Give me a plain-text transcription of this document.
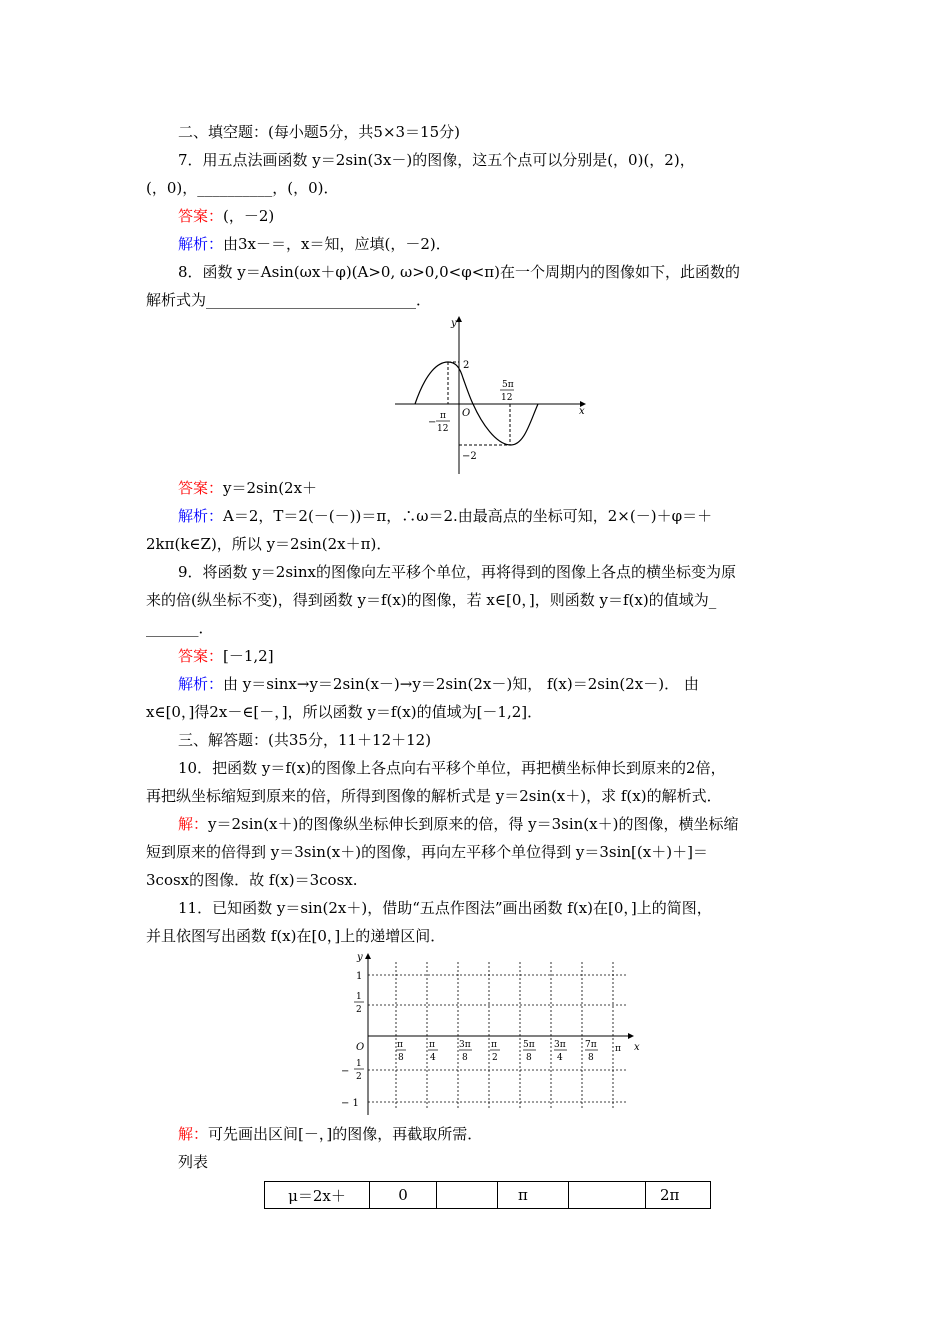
二、填空题：(每小题5分，共5×3＝15分)
7．用五点法画函数 y＝2sin(3x－)的图像，这五个点可以分别是(，0)(，2)，
(，0)，__________，(，0)．
答案：(，－2)
解析：由3x－＝，x＝知，应填(，－2)．
8．函数 y＝Asin(ωx＋φ)(A>0, ω>0,0<φ<π)在一个周期内的图像如下，此函数的
解析式为____________________________．
y
x
O
2
−2
−
π
12
5π
12
答案：y＝2sin(2x＋
解析：A＝2，T＝2(－(－))＝π，∴ω＝2.由最高点的坐标可知，2×(－)＋φ＝＋
2kπ(k∈Z)，所以 y＝2sin(2x＋π)．
9．将函数 y＝2sinx的图像向左平移个单位，再将得到的图像上各点的横坐标变为原
来的倍(纵坐标不变)，得到函数 y＝f(x)的图像，若 x∈[0，]，则函数 y＝f(x)的值域为_
_______．
答案：[－1,2]
解析：由 y＝sinx→y＝2sin(x－)→y＝2sin(2x－)知， f(x)＝2sin(2x－)． 由
x∈[0，]得2x－∈[－，]，所以函数 y＝f(x)的值域为[－1,2]．
三、解答题：(共35分，11＋12＋12)
10．把函数 y＝f(x)的图像上各点向右平移个单位，再把横坐标伸长到原来的2倍，
再把纵坐标缩短到原来的倍，所得到图像的解析式是 y＝2sin(x＋)，求 f(x)的解析式．
解：y＝2sin(x＋)的图像纵坐标伸长到原来的倍，得 y＝3sin(x＋)的图像，横坐标缩
短到原来的倍得到 y＝3sin(x＋)的图像，再向左平移个单位得到 y＝3sin[(x＋)＋]＝
3cosx的图像．故 f(x)＝3cosx.
11．已知函数 y＝sin(2x＋)，借助“五点作图法”画出函数 f(x)在[0，]上的简图，
并且依图写出函数 f(x)在[0，]上的递增区间．
y
x
O
1
1
2
−
1
2
− 1
π
8
π
4
3π
8
π
2
5π
8
3π
4
7π
8
π
解：可先画出区间[－，]的图像，再截取所需．
列表
μ＝2x＋	0		π		2π
